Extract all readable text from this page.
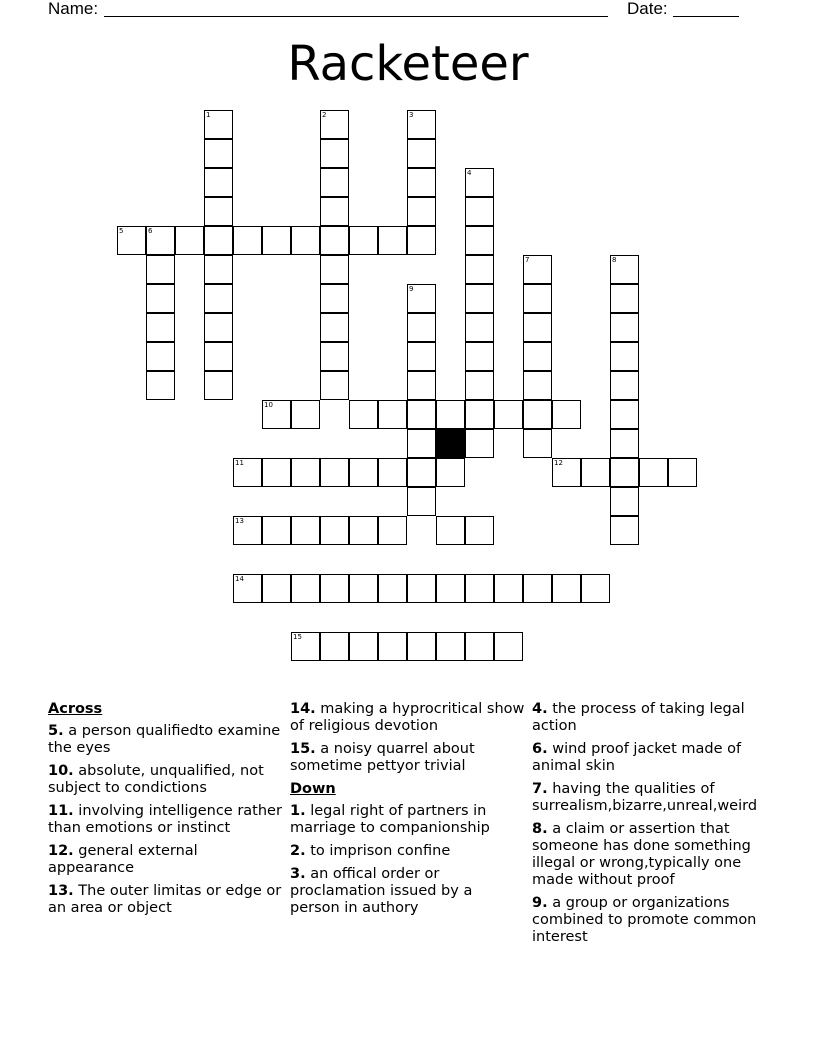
Name:	Date:
Racketeer
1	2	3
4
5	6
7	8
9
10
11	12
13
14
15
Across
5. a person qualifiedto examine the eyes
10. absolute, unqualified, not subject to condictions
11. involving intelligence rather than emotions or instinct
12. general external appearance
13. The outer limitas or edge or an area or object
14. making a hyprocritical show of religious devotion
15. a noisy quarrel about sometime pettyor trivial
Down
1. legal right of partners in marriage to companionship
2. to imprison confine
3. an offical order or proclamation issued by a person in authory
4. the process of taking legal action
6. wind proof jacket made of animal skin
7. having the qualities of surrealism,bizarre,unreal,weird
8. a claim or assertion that someone has done something illegal or wrong,typically one made without proof
9. a group or organizations combined to promote common interest
